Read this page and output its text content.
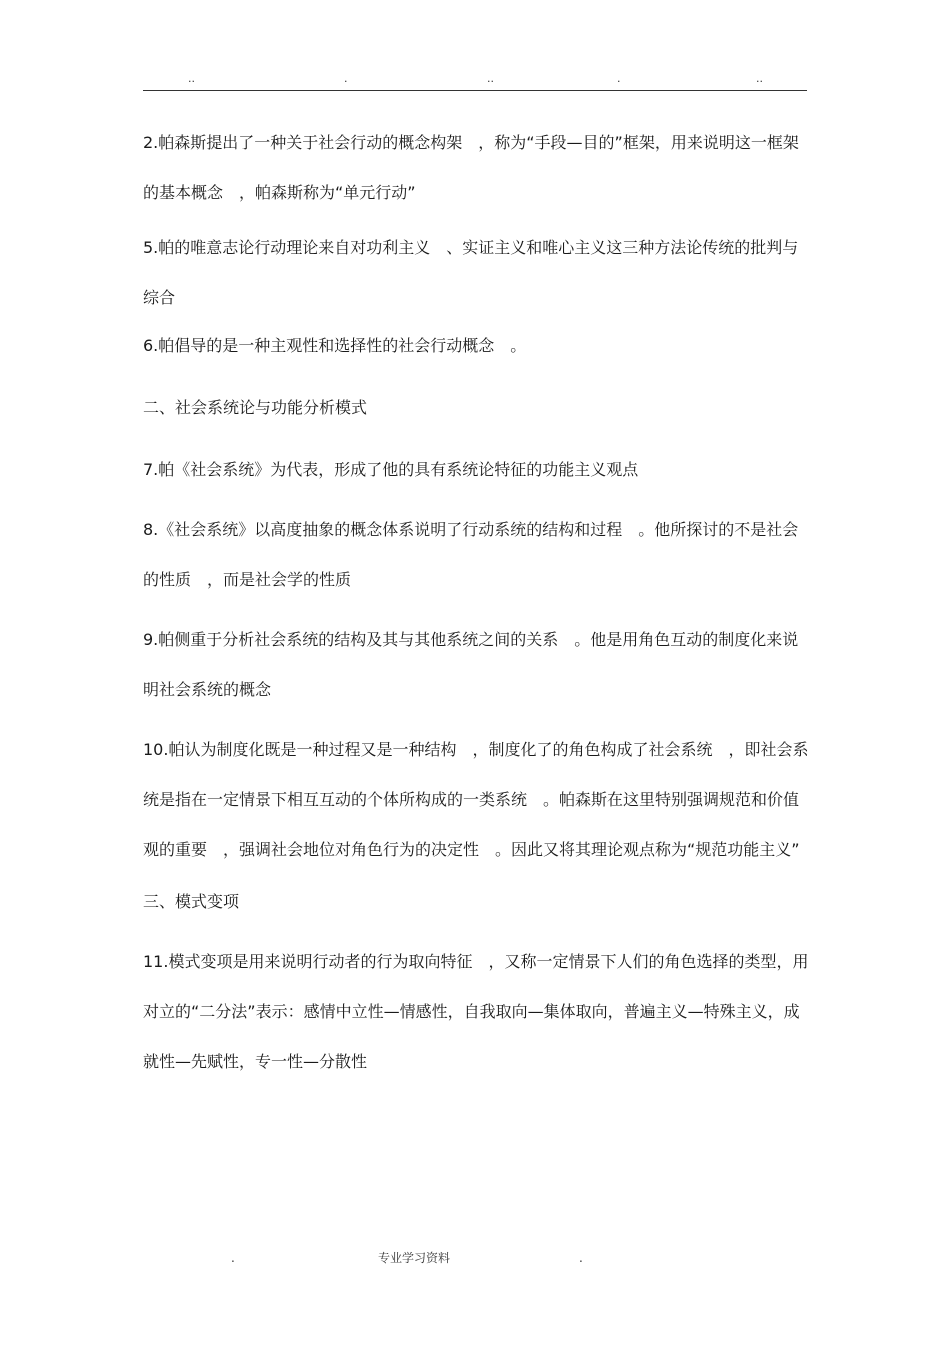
..	.	..	.	..

2.帕森斯提出了一种关于社会行动的概念构架　，称为“手段—目的”框架，用来说明这一框架的基本概念　，帕森斯称为“单元行动”

5.帕的唯意志论行动理论来自对功利主义　、实证主义和唯心主义这三种方法论传统的批判与综合

6.帕倡导的是一种主观性和选择性的社会行动概念　。

二、社会系统论与功能分析模式

7.帕《社会系统》为代表，形成了他的具有系统论特征的功能主义观点

8.《社会系统》以高度抽象的概念体系说明了行动系统的结构和过程　。他所探讨的不是社会的性质　，而是社会学的性质

9.帕侧重于分析社会系统的结构及其与其他系统之间的关系　。他是用角色互动的制度化来说明社会系统的概念

10.帕认为制度化既是一种过程又是一种结构　，制度化了的角色构成了社会系统　，即社会系统是指在一定情景下相互互动的个体所构成的一类系统　。帕森斯在这里特别强调规范和价值观的重要　，强调社会地位对角色行为的决定性　。因此又将其理论观点称为“规范功能主义”

三、模式变项

11.模式变项是用来说明行动者的行为取向特征　，又称一定情景下人们的角色选择的类型，用对立的“二分法”表示：感情中立性—情感性，自我取向—集体取向，普遍主义—特殊主义，成就性—先赋性，专一性—分散性

.	专业学习资料	.
